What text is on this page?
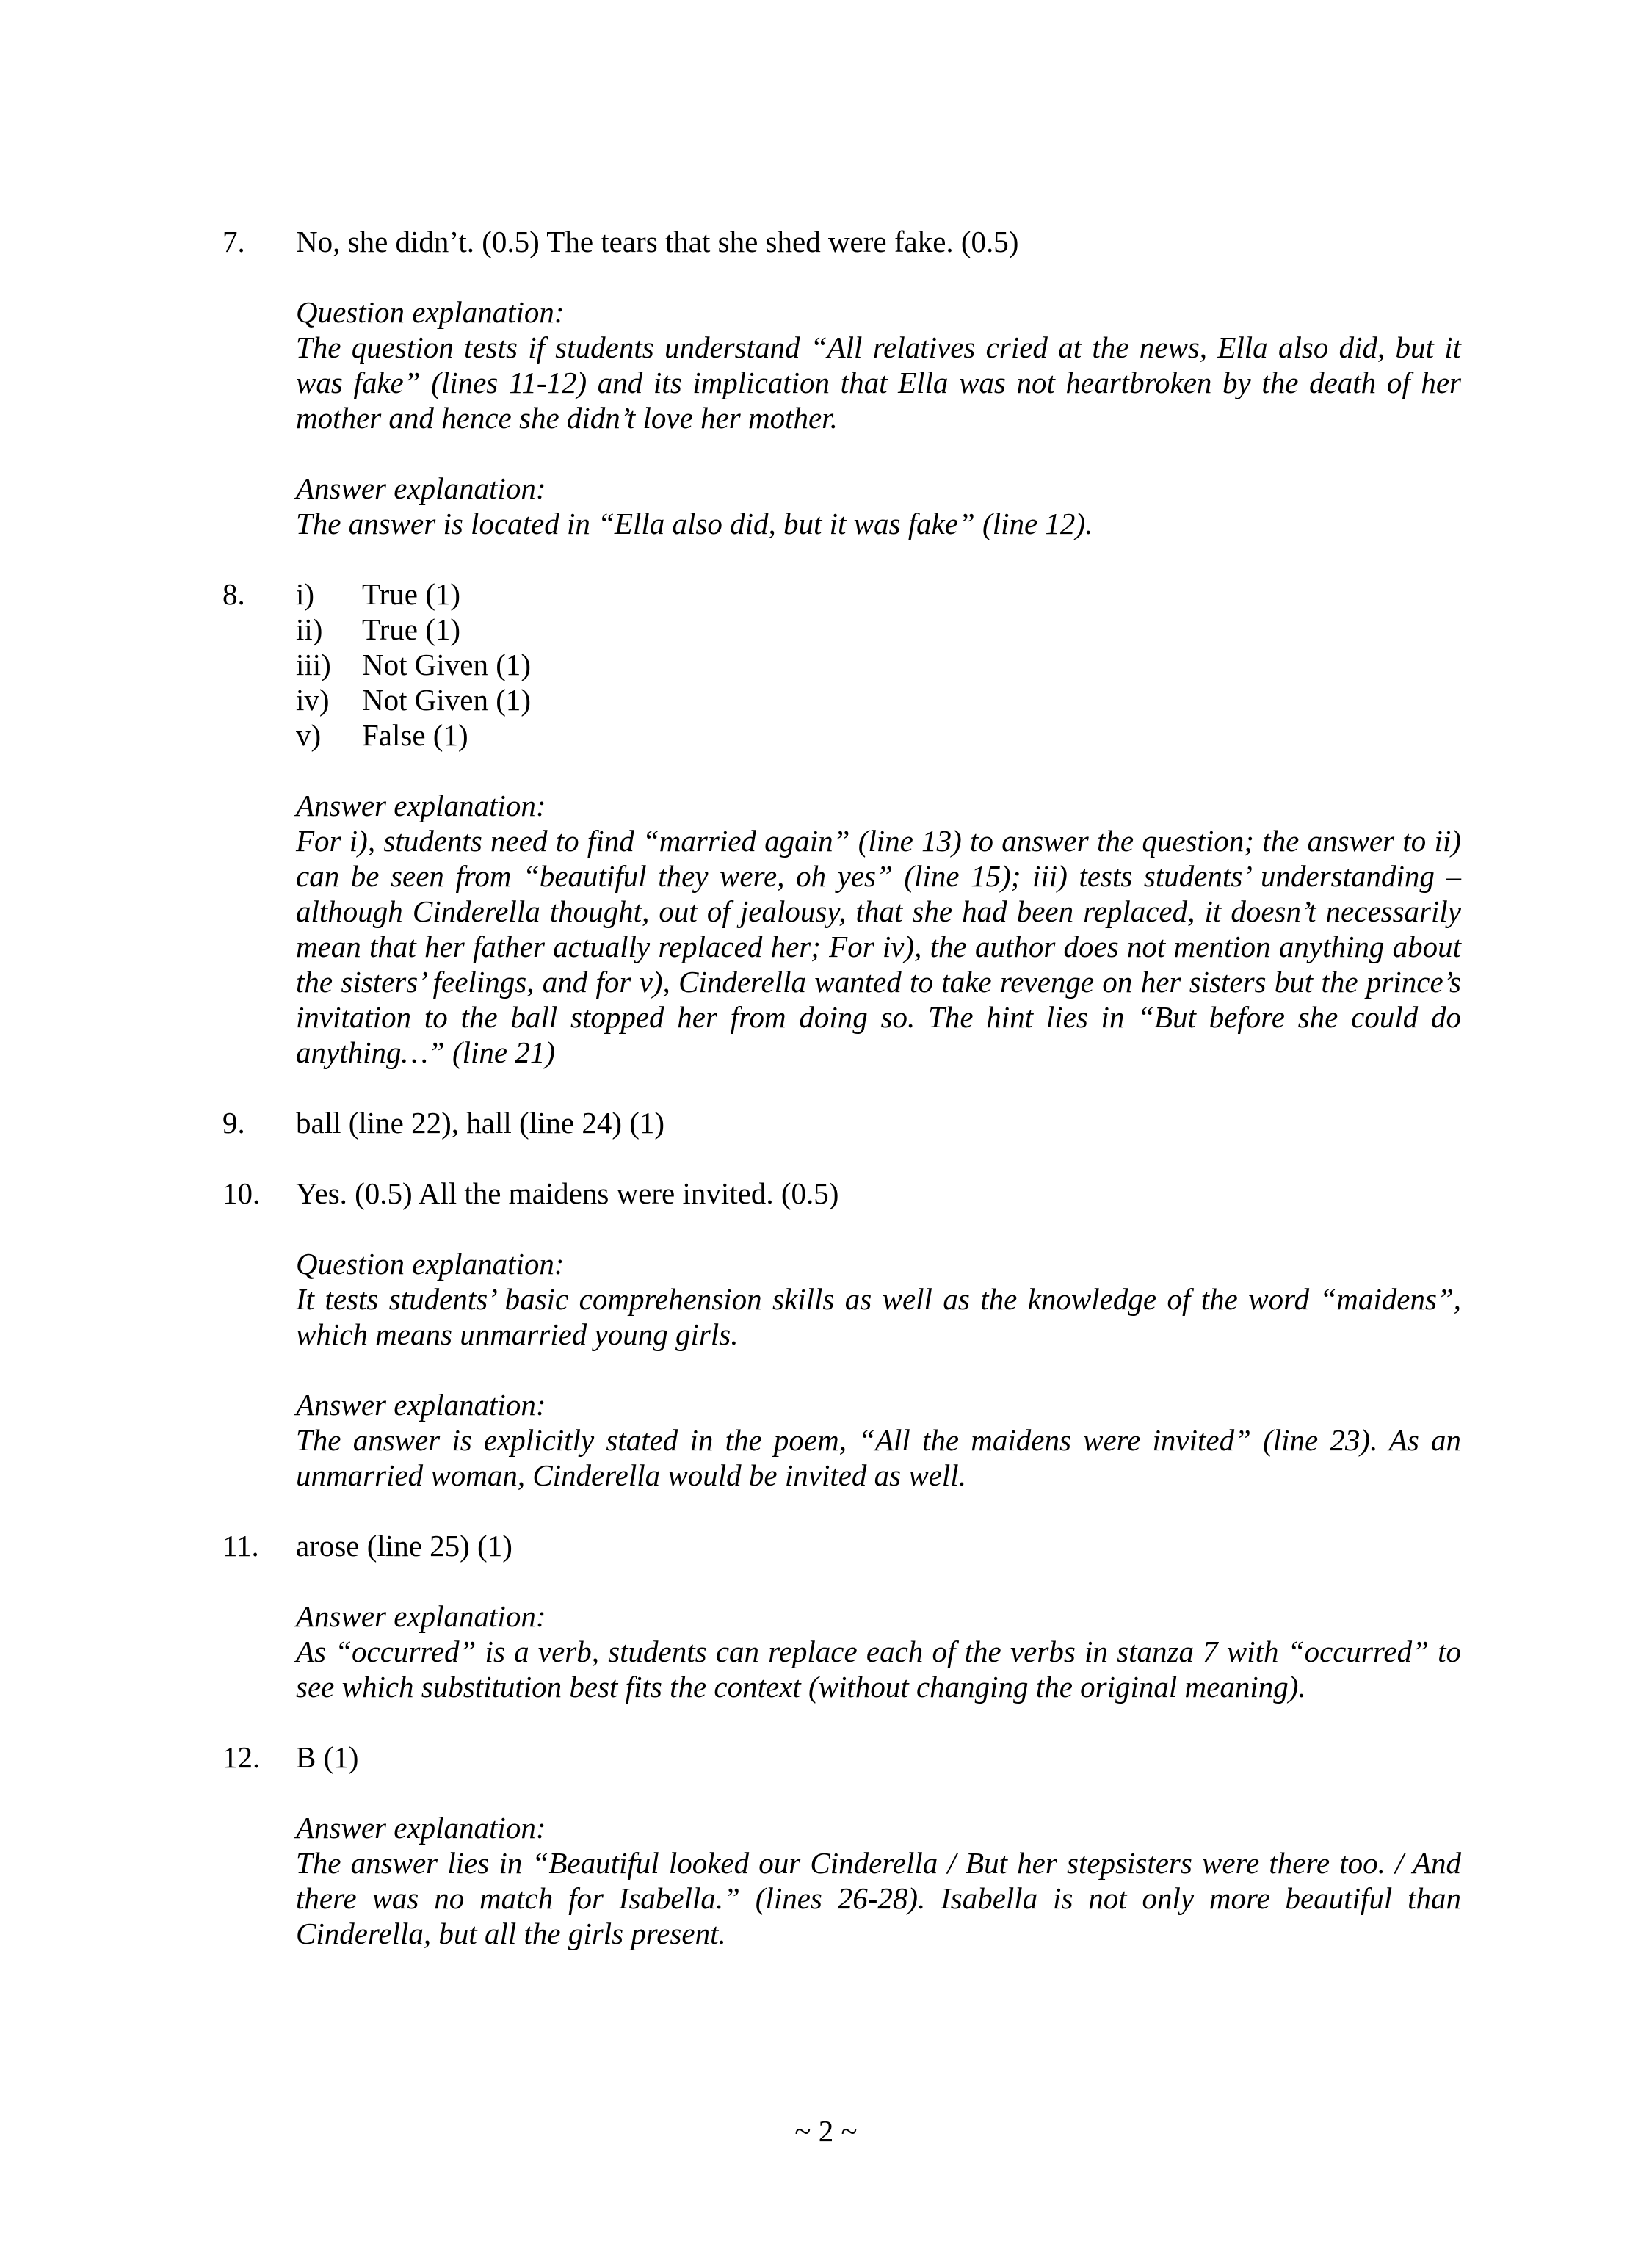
7.	No, she didn’t. (0.5) The tears that she shed were fake. (0.5)
Question explanation:
The question tests if students understand “All relatives cried at the news, Ella also did, but it was fake” (lines 11-12) and its implication that Ella was not heartbroken by the death of her mother and hence she didn’t love her mother.
Answer explanation:
The answer is located in “Ella also did, but it was fake” (line 12).
8.	i)	True (1)
ii)	True (1)
iii)	Not Given (1)
iv)	Not Given (1)
v)	False (1)
Answer explanation:
For i), students need to find “married again” (line 13) to answer the question; the answer to ii) can be seen from “beautiful they were, oh yes” (line 15); iii) tests students’ understanding – although Cinderella thought, out of jealousy, that she had been replaced, it doesn’t necessarily mean that her father actually replaced her; For iv), the author does not mention anything about the sisters’ feelings, and for v), Cinderella wanted to take revenge on her sisters but the prince’s invitation to the ball stopped her from doing so. The hint lies in “But before she could do anything…” (line 21)
9.	ball (line 22), hall (line 24) (1)
10.	Yes. (0.5) All the maidens were invited. (0.5)
Question explanation:
It tests students’ basic comprehension skills as well as the knowledge of the word “maidens”, which means unmarried young girls.
Answer explanation:
The answer is explicitly stated in the poem, “All the maidens were invited” (line 23). As an unmarried woman, Cinderella would be invited as well.
11.	arose (line 25) (1)
Answer explanation:
As “occurred” is a verb, students can replace each of the verbs in stanza 7 with “occurred” to see which substitution best fits the context (without changing the original meaning).
12.	B (1)
Answer explanation:
The answer lies in “Beautiful looked our Cinderella / But her stepsisters were there too. / And there was no match for Isabella.” (lines 26-28). Isabella is not only more beautiful than Cinderella, but all the girls present.
~ 2 ~
